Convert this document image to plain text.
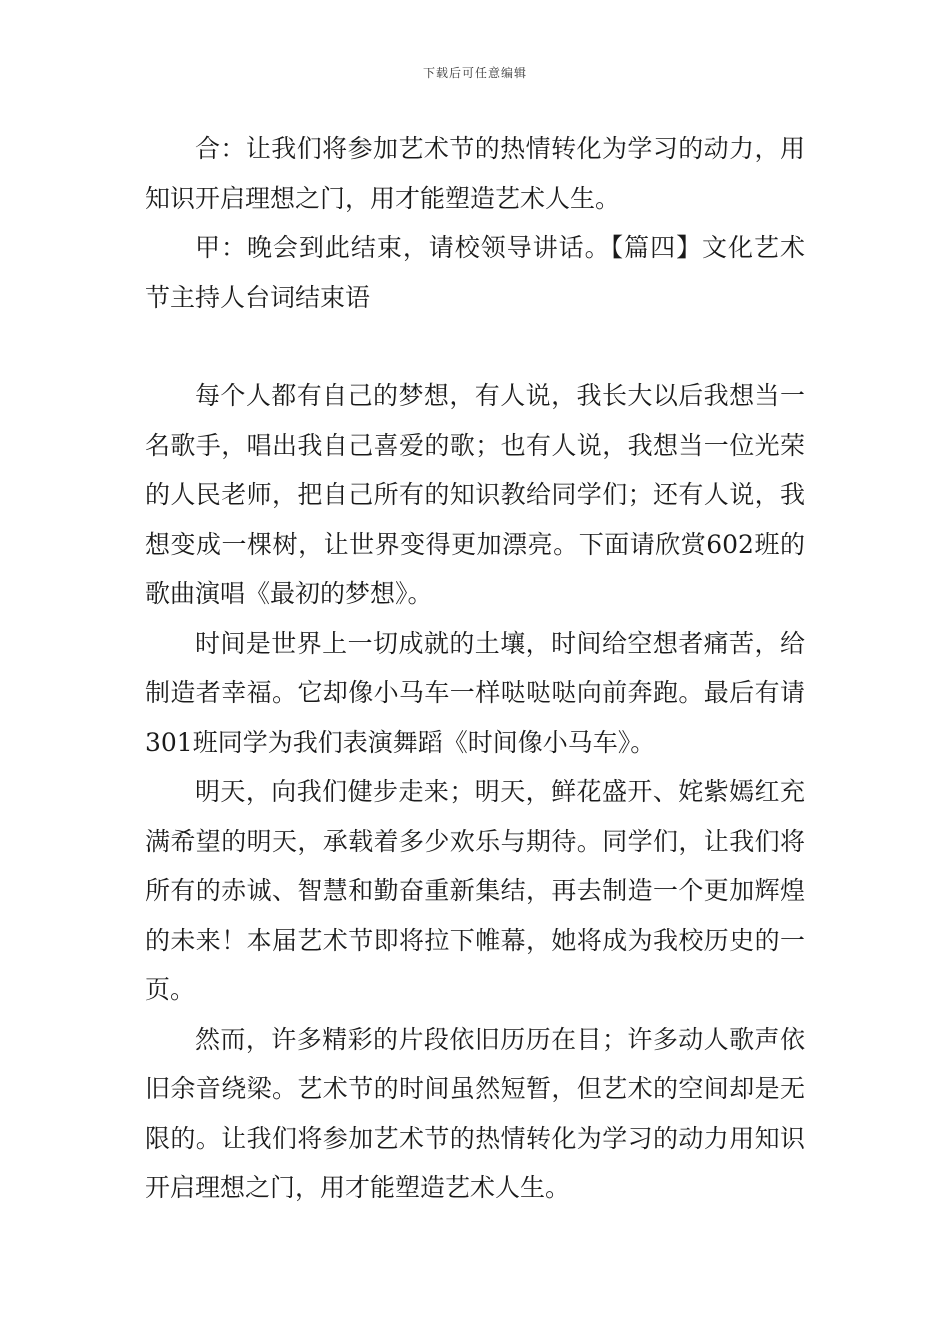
下载后可任意编辑

合：让我们将参加艺术节的热情转化为学习的动力，用知识开启理想之门，用才能塑造艺术人生。

甲：晚会到此结束，请校领导讲话。【篇四】文化艺术节主持人台词结束语

每个人都有自己的梦想，有人说，我长大以后我想当一名歌手，唱出我自己喜爱的歌；也有人说，我想当一位光荣的人民老师，把自己所有的知识教给同学们；还有人说，我想变成一棵树，让世界变得更加漂亮。下面请欣赏602班的歌曲演唱《最初的梦想》。

时间是世界上一切成就的土壤，时间给空想者痛苦，给制造者幸福。它却像小马车一样哒哒哒向前奔跑。最后有请301班同学为我们表演舞蹈《时间像小马车》。

明天，向我们健步走来；明天，鲜花盛开、姹紫嫣红充满希望的明天，承载着多少欢乐与期待。同学们，让我们将所有的赤诚、智慧和勤奋重新集结，再去制造一个更加辉煌的未来！本届艺术节即将拉下帷幕，她将成为我校历史的一页。

然而，许多精彩的片段依旧历历在目；许多动人歌声依旧余音绕梁。艺术节的时间虽然短暂，但艺术的空间却是无限的。让我们将参加艺术节的热情转化为学习的动力用知识开启理想之门，用才能塑造艺术人生。
